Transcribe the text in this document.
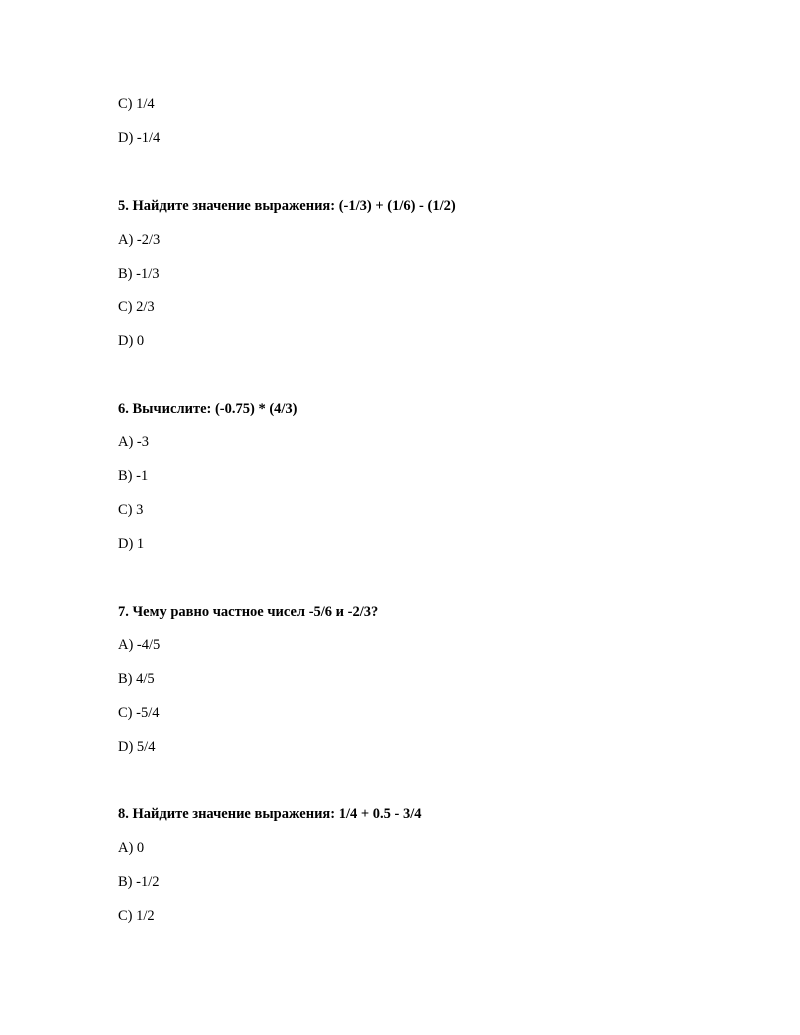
C) 1/4
D) -1/4
5. Найдите значение выражения: (-1/3) + (1/6) - (1/2)
A) -2/3
B) -1/3
C) 2/3
D) 0
6. Вычислите: (-0.75) * (4/3)
A) -3
B) -1
C) 3
D) 1
7. Чему равно частное чисел -5/6 и -2/3?
A) -4/5
B) 4/5
C) -5/4
D) 5/4
8. Найдите значение выражения: 1/4 + 0.5 - 3/4
A) 0
B) -1/2
C) 1/2
